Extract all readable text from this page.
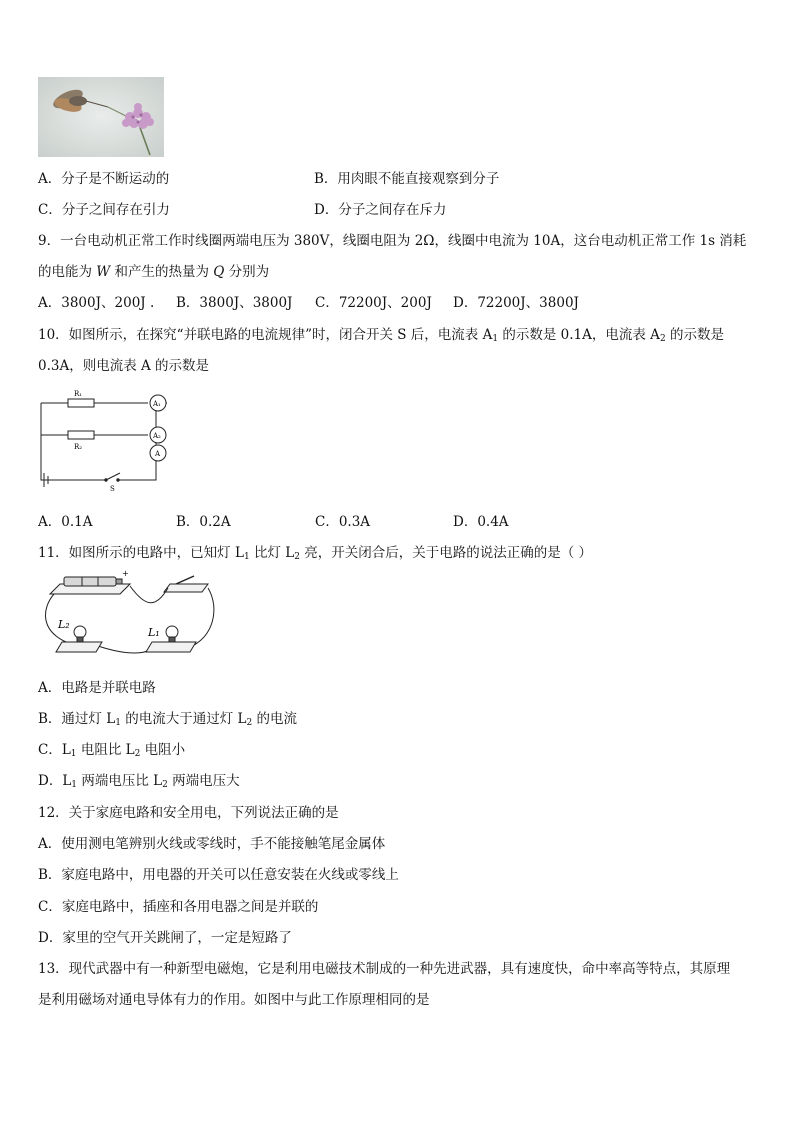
A．分子是不断运动的	B．用肉眼不能直接观察到分子
C．分子之间存在引力	D．分子之间存在斥力
9．一台电动机正常工作时线圈两端电压为 380V，线圈电阻为 2Ω，线圈中电流为 10A，这台电动机正常工作 1s 消耗
的电能为 W 和产生的热量为 Q 分别为
A．3800J、200J . B．3800J、3800J C．72200J、200J D．72200J、3800J
10．如图所示，在探究“并联电路的电流规律”时，闭合开关 S 后，电流表 $A_1$ 的示数是 0.1A，电流表 $A_2$ 的示数是
0.3A，则电流表 A 的示数是
R₁
R₂
A₁
A₂
A
S
A．0.1A	B．0.2A	C．0.3A	D．0.4A
11．如图所示的电路中，已知灯 $L_1$ 比灯 $L_2$ 亮，开关闭合后，关于电路的说法正确的是（ ）
+
L₂
L₁
A．电路是并联电路
B．通过灯 $L_1$ 的电流大于通过灯 $L_2$ 的电流
C．$L_1$ 电阻比 $L_2$ 电阻小
D．$L_1$ 两端电压比 $L_2$ 两端电压大
12．关于家庭电路和安全用电，下列说法正确的是
A．使用测电笔辨别火线或零线时，手不能接触笔尾金属体
B．家庭电路中，用电器的开关可以任意安装在火线或零线上
C．家庭电路中，插座和各用电器之间是并联的
D．家里的空气开关跳闸了，一定是短路了
13．现代武器中有一种新型电磁炮，它是利用电磁技术制成的一种先进武器，具有速度快，命中率高等特点，其原理
是利用磁场对通电导体有力的作用。如图中与此工作原理相同的是
